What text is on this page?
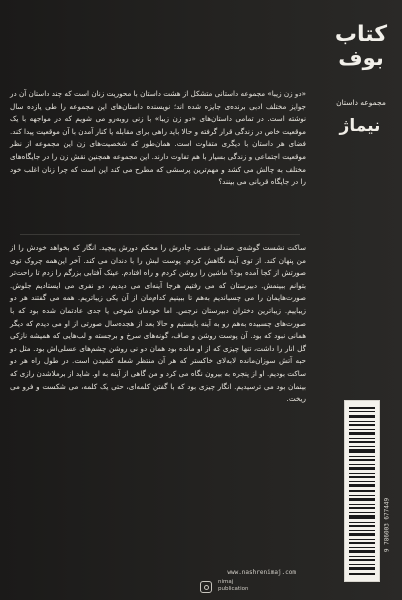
کتاب
بوف
مجموعه داستان
نیماژ
«دو زن زیبا» مجموعه داستانی متشکل از هشت داستان با محوریت زنان است که چند داستان آن در جوایز مختلف ادبی برنده‌ی جایزه شده اند؛ نویسنده داستان‌های این مجموعه را طی یازده سال نوشته است. در تمامی داستان‌های «دو زن زیبا» با زنی روبه‌رو می شویم که در مواجهه با یک موقعیت خاص در زندگی قرار گرفته و حالا باید راهی برای مقابله یا کنار آمدن با آن موقعیت پیدا کند. فضای هر داستان با دیگری متفاوت است. همان‌طور که شخصیت‌های زن این مجموعه از نظر موقعیت اجتماعی و زندگی بسیار با هم تفاوت دارند. این مجموعه همچنین نقش زن را در جایگاه‌های مختلف به چالش می کشد و مهم‌ترین پرسشی که مطرح می کند این است که چرا زنان اغلب خود را در جایگاه قربانی می بینند؟
ساکت نشست گوشه‌ی صندلی عقب. چادرش را محکم دورش پیچید. انگار که بخواهد خودش را از من پنهان کند. از توی آینه نگاهش کردم. پوست لبش را با دندان می کند. آخر این‌همه چروک توی صورتش از کجا آمده بود؟ ماشین را روشن کردم و راه افتادم. عینک آفتابی بزرگم را زدم تا راحت‌تر بتوانم ببینمش. دبیرستان که می رفتیم هرجا آینه‌ای می دیدیم، دو نفری می ایستادیم جلوش. صورت‌هایمان را می چسباندیم به‌هم تا ببینیم کدام‌مان از آن یکی زیباتریم. همه می گفتند هر دو زیباییم. زیباترین دختران دبیرستان نرجس. اما خودمان شوخی یا جدی عادتمان شده بود که با صورت‌های چسبیده به‌هم رو به آینه بایستیم و حالا بعد از هجده‌سال صورتی از او می دیدم که دیگر همانی نبود که بود. آن پوست روشن و صاف، گونه‌های سرخ و برجسته و لب‌هایی که همیشه نازکی گل انار را داشت، تنها چیزی که از او مانده بود همان دو نی روشن چشم‌های عسلی‌اش بود. مثل دو حبه آتش سوزان‌مانده لابه‌لای خاکستر که هر آن منتظر شعله کشیدن است. در طول راه هر دو ساکت بودیم. او از پنجره به بیرون نگاه می کرد و من گاهی از آینه به او. شاید از برملاشدن رازی که بینمان بود می ترسیدیم. انگار چیزی بود که با گفتن کلمه‌ای، حتی یک کلمه، می شکست و فرو می ریخت.
9 786003 677449
www.nashrenimaj.com
nimaj
publication
